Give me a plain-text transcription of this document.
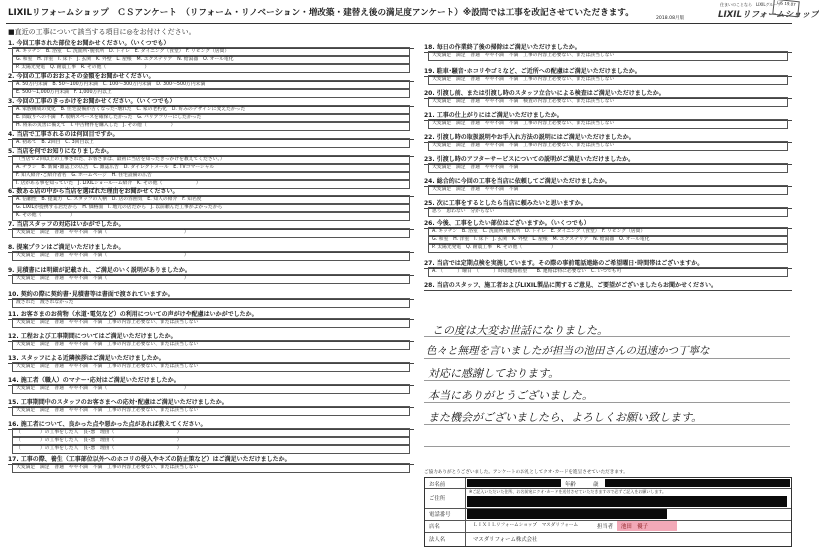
LIXILリフォームショップ　ＣＳアンケート　（リフォーム・リノベーション・増改築・建替え後の満足度アンケート）※設問では工事を改記させていただきます。
2018.08月版
住まいのことなら　LIXILグループ
LIXILリフォームショップ
LIS 19.07
■直近の工事について該当する項目に◎をお付けください。
1. 今回工事された部位をお聞かせください。（いくつでも）
A. キッチン　B. 浴室　C. 洗面所･脱衣所　D. トイレ　E. ダイニング（食堂）　F. リビング（居間）
G. 和室　H. 洋室　I. 床下　J. 玄関　K. 外壁　L. 屋根　M. エクステリア　N. 給湯器　O. オール電化
P. 太陽光発電　Q. 耐震工事　R. その他（　　　　　　　　）
2. 今回の工事のおおよその金額をお聞かせください。
A. 50万円未満　B. 50～100万円未満　C. 100～300万円未満　D. 300～500万円未満
E. 500～1,000万円未満　F. 1,000万円以上
3. 今回の工事のきっかけをお聞かせください。（いくつでも）
A. 家族構成の変化　B. 住宅設備が古くなった･壊れた　C. 家の老朽化　D. 好みのデザインに変えたかった
E. 間取りへの不満　F. 収納スペースを確保したかった　G. バリアフリーにしたかった
H. 将来の災害に備えて　I. 中古物件を購入した　J. その他（　　　　　）
4. 当店で工事されるのは何回目ですか。
A. 初めて　B. 2回目　C. 3回目以上
5. 当店を何でお知りになりましたか。
（当店で２回以上の工事された、お客さまは、最初に当店を知ったきっかけを教えてください。）
A. チラシ　B. 新聞･雑誌上の広告　C. 雑誌広告　D. ダイレクトメール　E. TVコマーシャル
F. 知人紹介･ご紹介者名　G. ホームページ　H. 住宅設備の広告
I. 店がある事を知っていた　J. LIXILショールーム紹介　K. その他（　　　　　　　）
6. 数ある店の中から当店を選ばれた理由をお聞かせください。
A. 信頼性　B. 提案力　C. スタッフの人柄　D. 店の雰囲気　E. 知人の紹介　F. 知名度
G. LIXILが提携する店だから　H. 価格面　I. 地元の店だから　J. 以前頼んだ工事がよかったから
K. その他（　　　　　　）
7. 当店スタッフの対応はいかがでしたか。
大変満足　満足　普通　やや不満　不満（　　　　　　　　　　　　　　　　）
8. 提案プランはご満足いただけましたか。
大変満足　満足　普通　やや不満　不満（　　　　　　　　　　　　　　　　）
9. 見積書には明細が記載され、ご満足のいく説明がありましたか。
大変満足　満足　普通　やや不満　不満（　　　　　　　　　　　　　　　　）
10. 契約の際に契約書･見積書等は書面で渡されていますか。
渡された　渡されなかった
11. お客さまのお荷物（水道･電気など）の利用についての声がけや配慮はいかがでしたか。
大変満足　満足　普通　やや不満　不満　工事の内容上必要ない、または該当しない
12. 工程および工事期間についてはご満足いただけましたか。
大変満足　満足　普通　やや不満　不満　工事の内容上必要ない、または該当しない
13. スタッフによる近隣挨拶はご満足いただけましたか。
大変満足　満足　普通　やや不満　不満　工事の内容上必要ない、または該当しない
14. 施工者（職人）のマナー･応対はご満足いただけましたか。
大変満足　満足　普通　やや不満　不満（　　　　　　　　　　　　　　　　）
15. 工事期間中のスタッフのお客さまへの応対･配慮はご満足いただけましたか。
大変満足　満足　普通　やや不満　不満　工事の内容上必要ない、または該当しない
16. 施工者について、良かった点や悪かった点があれば教えてください。
（　　　　）の工事をした人　良･悪　理由（　　　　　　　　　　　　　）
（　　　　）の工事をした人　良･悪　理由（　　　　　　　　　　　　　）
（　　　　）の工事をした人　良･悪　理由（　　　　　　　　　　　　　）
17. 工事の際、養生（工事部位以外へのホコリの侵入やキズの防止策など）はご満足いただけましたか。
大変満足　満足　普通　やや不満　不満　工事の内容上必要ない、または該当しない
18. 毎日の作業終了後の掃除はご満足いただけましたか。
大変満足　満足　普通　やや不満　不満　工事の内容上必要ない、または該当しない
19. 駐車･騒音･ホコリやゴミなど、ご近所への配慮はご満足いただけましたか。
大変満足　満足　普通　やや不満　不満　工事の内容上必要ない、または該当しない
20. 引渡し前、または引渡し時のスタッフ立合いによる検査はご満足いただけましたか。
大変満足　満足　普通　やや不満　不満　検査の内容上必要ない、または該当しない
21. 工事の仕上がりにはご満足いただけましたか。
大変満足　満足　普通　やや不満　不満　工事の内容上必要ない、または該当しない
22. 引渡し時の取扱説明やお手入れ方法の説明にはご満足いただけましたか。
大変満足　満足　普通　やや不満　不満　工事の内容上必要ない、または該当しない
23. 引渡し時のアフターサービスについての説明がご満足いただけましたか。
大変満足　満足　普通　やや不満　不満
24. 総合的に今回の工事を当店に依頼してご満足いただけましたか。
大変満足　満足　普通　やや不満　不満
25. 次に工事をするとしたら当店に頼みたいと思いますか。
思う　思わない　分からない
26. 今後、工事をしたい部位はございますか。（いくつでも）
A. キッチン　B. 浴室　C. 洗面所･脱衣所　D. トイレ　E. ダイニング（食堂）　F. リビング（居間）
G. 和室　H. 洋室　I. 床下　J. 玄関　K. 外壁　L. 屋根　M. エクステリア　N. 給湯器　O. オール電化
P. 太陽光発電　Q. 耐震工事　R. その他（　　　　　　）
27. 当店では定期点検を実施しています。その際の事前電話連絡のご希望曜日･時間帯はございますか。
A. （　　　）曜日　（　　　）時頃連絡希望　　B. 連絡は特に必要ない　C. いつでも可
28. 当店のスタッフ、施工者およびLIXIL製品に関するご意見、ご要望がございましたらお聞かせください。
この度は大変お世話になりました。
色々と無理を言いましたが担当の池田さんの迅速かつ丁寧な
対応に感謝しております。
本当にありがとうございました。
また機会がございましたら、よろしくお願い致します。
ご協力ありがとうございました。アンケートのお礼としてクオ･カードを進呈させていただきます。
お名前	年齢	歳
※ご記入いただいた住所、お名前宛にクオ･カードを送付させていただきますので必ずご記入をお願いします。
ご住所
電話番号
店名	ＬＩＸＩＬリフォームショップ　マスダリフォーム	担当者 池田　優子
法人名	マスダリフォーム株式会社
